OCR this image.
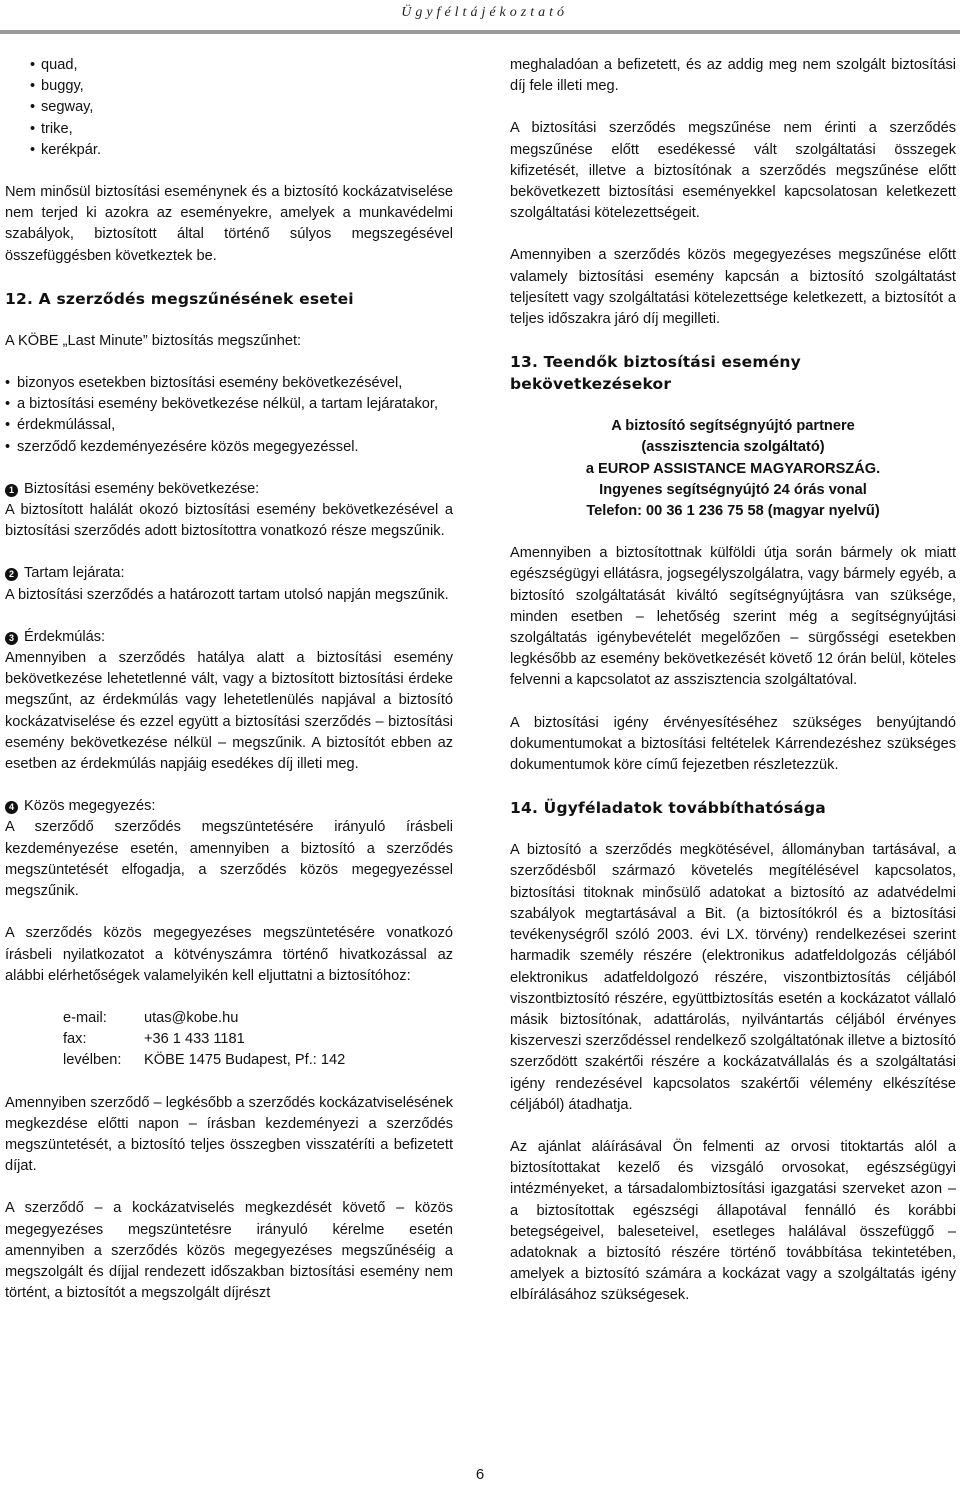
Ügyféltájékoztató
• quad,
• buggy,
• segway,
• trike,
• kerékpár.

Nem minősül biztosítási eseménynek és a biztosító kockázatviselése nem terjed ki azokra az eseményekre, amelyek a munkavédelmi szabályok, biztosított által történő súlyos megszegésével összefüggésben következtek be.

12. A szerződés megszűnésének esetei

A KÖBE „Last Minute” biztosítás megszűnhet:

• bizonyos esetekben biztosítási esemény bekövetkezésével,
• a biztosítási esemény bekövetkezése nélkül, a tartam lejáratakor,
• érdekmúlással,
• szerződő kezdeményezésére közös megegyezéssel.

1 Biztosítási esemény bekövetkezése:

A biztosított halálát okozó biztosítási esemény bekövetkezésével a biztosítási szerződés adott biztosítottra vonatkozó része megszűnik.

2 Tartam lejárata:

A biztosítási szerződés a határozott tartam utolsó napján megszűnik.

3 Érdekmúlás:

Amennyiben a szerződés hatálya alatt a biztosítási esemény bekövetkezése lehetetlenné vált, vagy a biztosított biztosítási érdeke megszűnt, az érdekmúlás vagy lehetetlenülés napjával a biztosító kockázatviselése és ezzel együtt a biztosítási szerződés – biztosítási esemény bekövetkezése nélkül – megszűnik. A biztosítót ebben az esetben az érdekmúlás napjáig esedékes díj illeti meg.

4 Közös megegyezés:

A szerződő szerződés megszüntetésére irányuló írásbeli kezdeményezése esetén, amennyiben a biztosító a szerződés megszüntetését elfogadja, a szerződés közös megegyezéssel megszűnik.

A szerződés közös megegyezéses megszüntetésére vonatkozó írásbeli nyilatkozatot a kötvényszámra történő hivatkozással az alábbi elérhetőségek valamelyikén kell eljuttatni a biztosítóhoz:

e-mail:	utas@kobe.hu
fax:	+36 1 433 1181
levélben:	KÖBE 1475 Budapest, Pf.: 142

Amennyiben szerződő – legkésőbb a szerződés kockázatviselésének megkezdése előtti napon – írásban kezdeményezi a szerződés megszüntetését, a biztosító teljes összegben visszatéríti a befizetett díjat.

A szerződő – a kockázatviselés megkezdését követő – közös megegyezéses megszüntetésre irányuló kérelme esetén amennyiben a szerződés közös megegyezéses megszűnéséig a megszolgált és díjjal rendezett időszakban biztosítási esemény nem történt, a biztosítót a megszolgált díjrészt

meghaladóan a befizetett, és az addig meg nem szolgált biztosítási díj fele illeti meg.

A biztosítási szerződés megszűnése nem érinti a szerződés megszűnése előtt esedékessé vált szolgáltatási összegek kifizetését, illetve a biztosítónak a szerződés megszűnése előtt bekövetkezett biztosítási eseményekkel kapcsolatosan keletkezett szolgáltatási kötelezettségeit.

Amennyiben a szerződés közös megegyezéses megszűnése előtt valamely biztosítási esemény kapcsán a biztosító szolgáltatást teljesített vagy szolgáltatási kötelezettsége keletkezett, a biztosítót a teljes időszakra járó díj megilleti.

13. Teendők biztosítási esemény
bekövetkezésekor
A biztosító segítségnyújtó partnere
(asszisztencia szolgáltató)
a EUROP ASSISTANCE MAGYARORSZÁG.
Ingyenes segítségnyújtó 24 órás vonal
Telefon: 00 36 1 236 75 58 (magyar nyelvű)

Amennyiben a biztosítottnak külföldi útja során bármely ok miatt egészségügyi ellátásra, jogsegélyszolgálatra, vagy bármely egyéb, a biztosító szolgáltatását kiváltó segítségnyújtásra van szüksége, minden esetben – lehetőség szerint még a segítségnyújtási szolgáltatás igénybevételét megelőzően – sürgősségi esetekben legkésőbb az esemény bekövetkezését követő 12 órán belül, köteles felvenni a kapcsolatot az asszisztencia szolgáltatóval.

A biztosítási igény érvényesítéséhez szükséges benyújtandó dokumentumokat a biztosítási feltételek Kárrendezéshez szükséges dokumentumok köre című fejezetben részletezzük.

14. Ügyféladatok továbbíthatósága

A biztosító a szerződés megkötésével, állományban tartásával, a szerződésből származó követelés megítélésével kapcsolatos, biztosítási titoknak minősülő adatokat a biztosító az adatvédelmi szabályok megtartásával a Bit. (a biztosítókról és a biztosítási tevékenységről szóló 2003. évi LX. törvény) rendelkezései szerint harmadik személy részére (elektronikus adatfeldolgozás céljából elektronikus adatfeldolgozó részére, viszontbiztosítás céljából viszontbiztosító részére, együttbiztosítás esetén a kockázatot vállaló másik biztosítónak, adattárolás, nyilvántartás céljából érvényes kiszerveszi szerződéssel rendelkező szolgáltatónak illetve a biztosító szerződött szakértői részére a kockázatvállalás és a szolgáltatási igény rendezésével kapcsolatos szakértői vélemény elkészítése céljából) átadhatja.

Az ajánlat aláírásával Ön felmenti az orvosi titoktartás alól a biztosítottakat kezelő és vizsgáló orvosokat, egészségügyi intézményeket, a társadalombiztosítási igazgatási szerveket azon – a biztosítottak egészségi állapotával fennálló és korábbi betegségeivel, baleseteivel, esetleges halálával összefüggő – adatoknak a biztosító részére történő továbbítása tekintetében, amelyek a biztosító számára a kockázat vagy a szolgáltatás igény elbírálásához szükségesek.

6
